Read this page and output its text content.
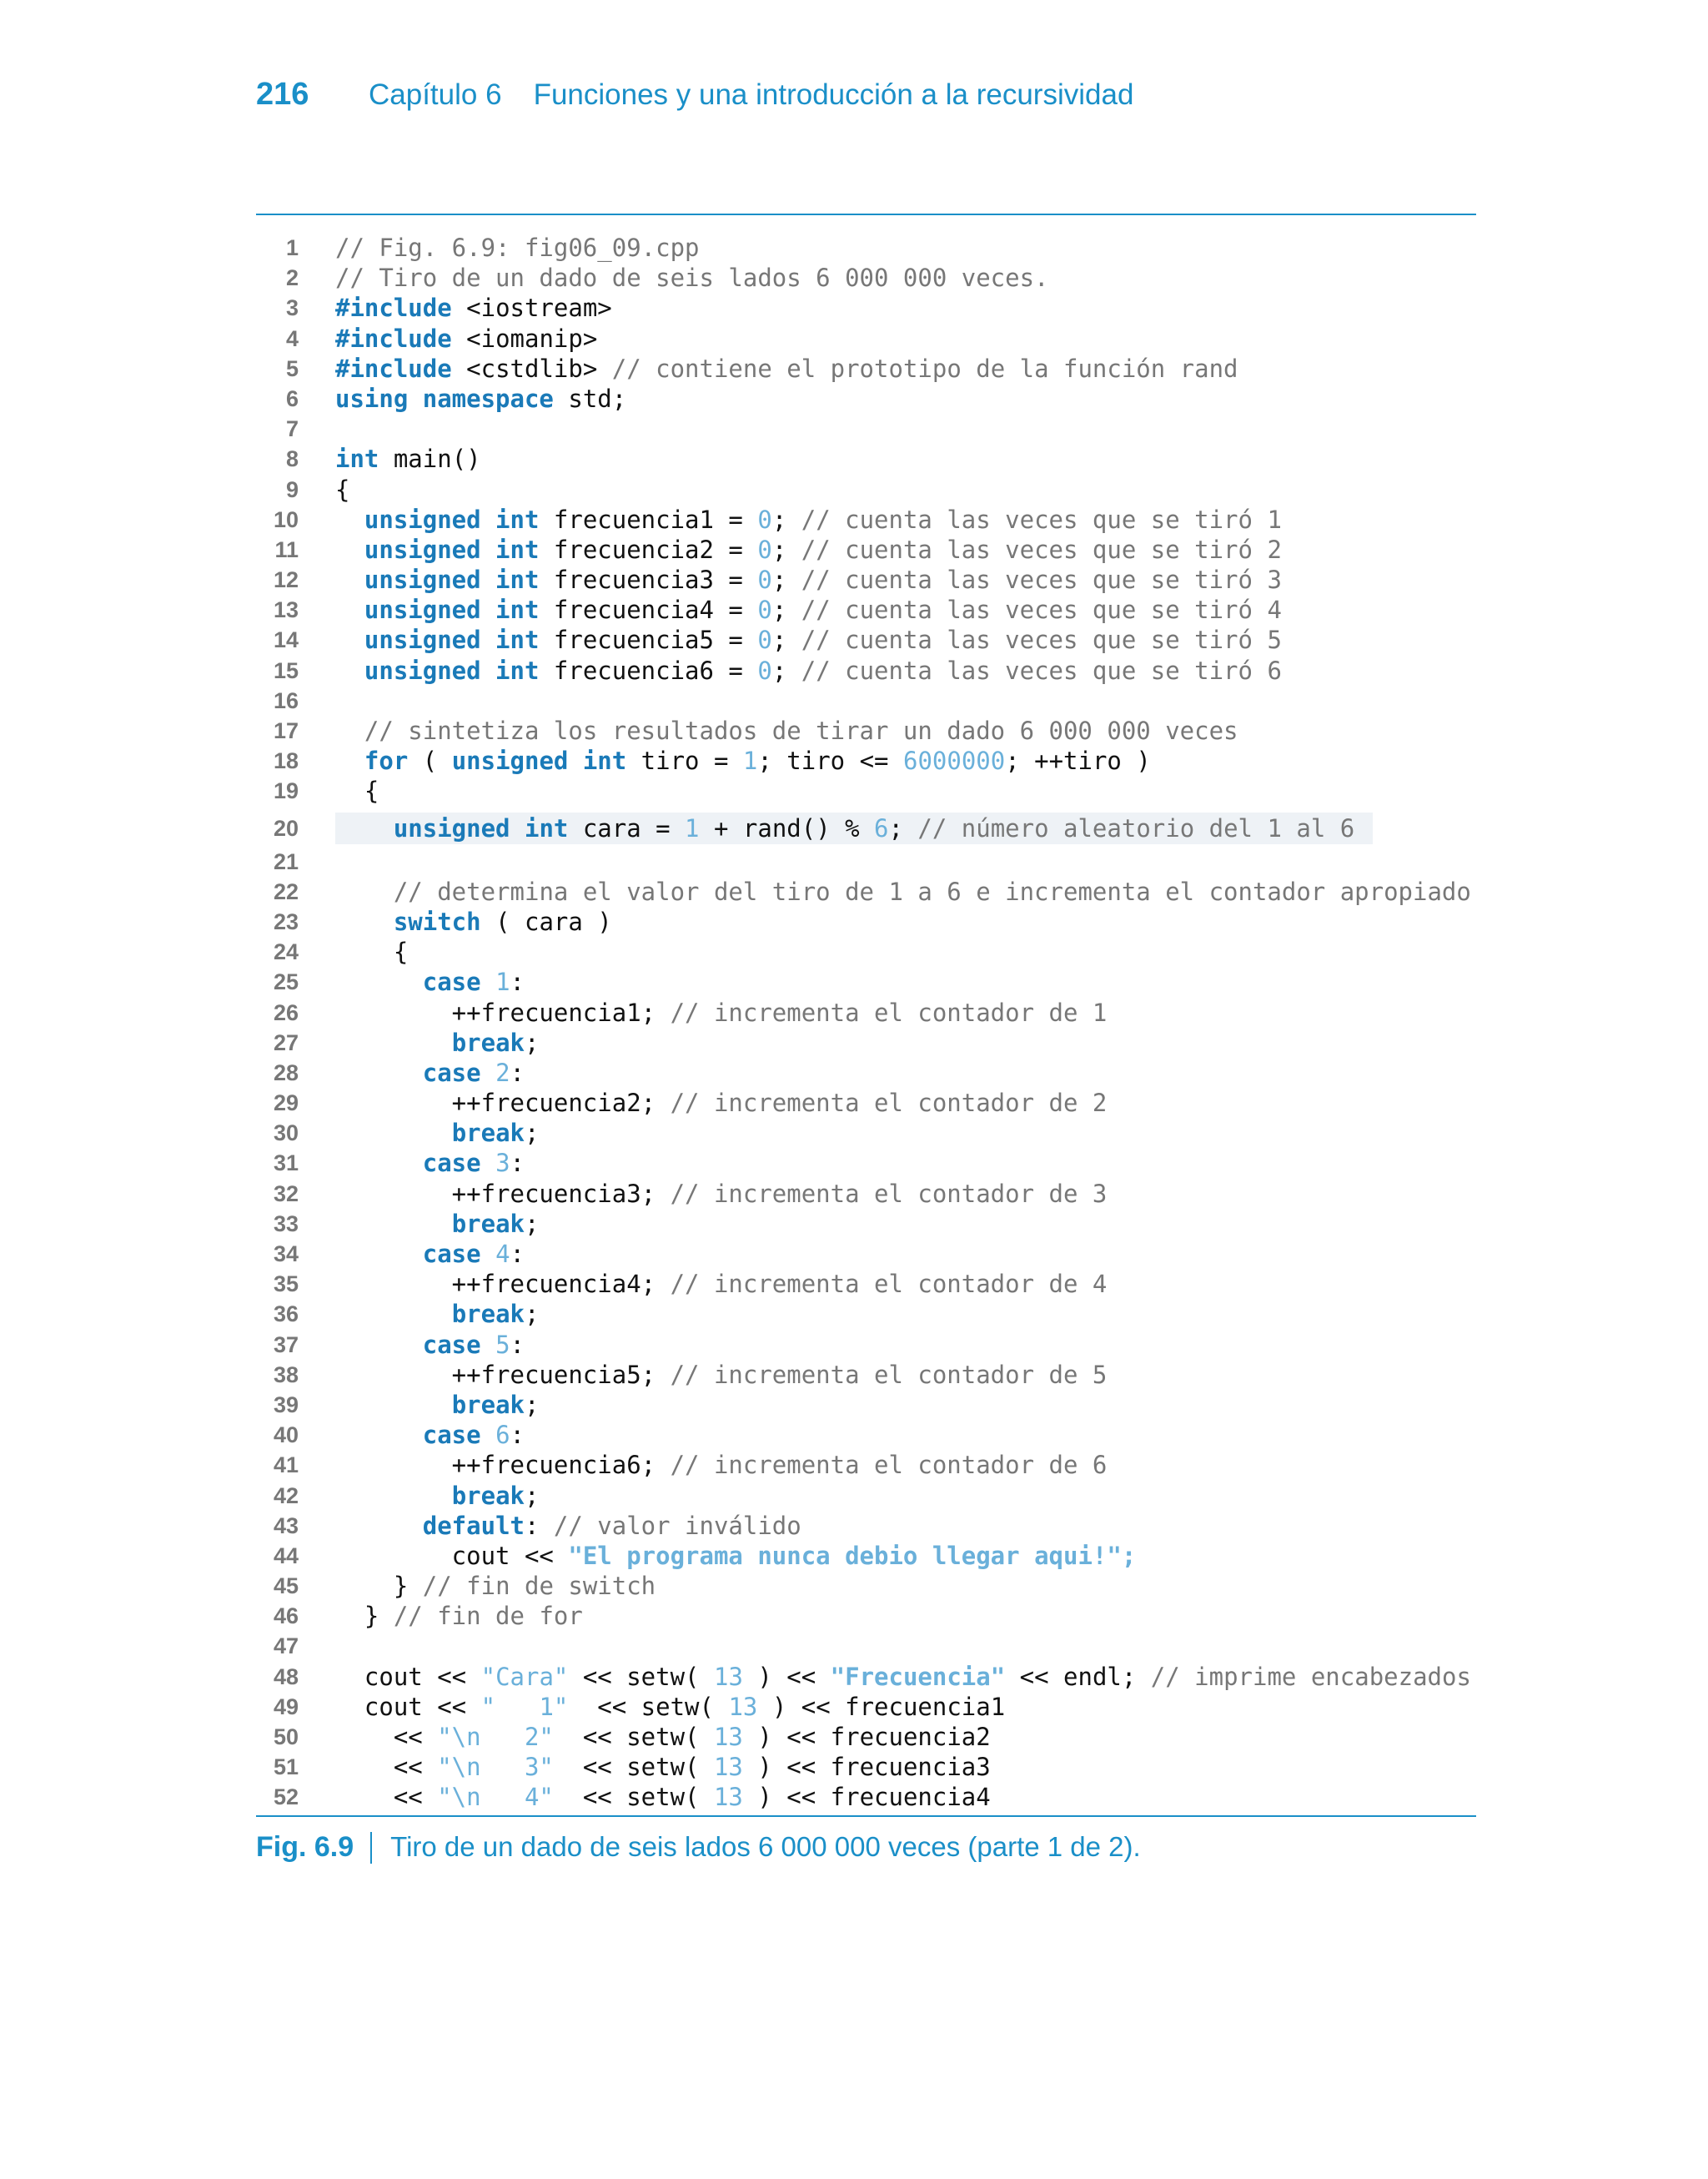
216	Capítulo 6 Funciones y una introducción a la recursividad
1 // Fig. 6.9: fig06_09.cpp
2 // Tiro de un dado de seis lados 6 000 000 veces.
3 #include <iostream>
4 #include <iomanip>
5 #include <cstdlib> // contiene el prototipo de la función rand
6 using namespace std;
7
8 int main()
9 {
10	unsigned int frecuencia1 = 0; // cuenta las veces que se tiró 1
11	unsigned int frecuencia2 = 0; // cuenta las veces que se tiró 2
12	unsigned int frecuencia3 = 0; // cuenta las veces que se tiró 3
13	unsigned int frecuencia4 = 0; // cuenta las veces que se tiró 4
14	unsigned int frecuencia5 = 0; // cuenta las veces que se tiró 5
15	unsigned int frecuencia6 = 0; // cuenta las veces que se tiró 6
16
17	// sintetiza los resultados de tirar un dado 6 000 000 veces
18	for ( unsigned int tiro = 1; tiro <= 6000000; ++tiro )
19 {
20	unsigned int cara = 1 + rand() % 6; // número aleatorio del 1 al 6
21
22	// determina el valor del tiro de 1 a 6 e incrementa el contador apropiado
23	switch ( cara )
24 {
25	case 1:
26 ++frecuencia1; // incrementa el contador de 1
27	break;
28	case 2:
29 ++frecuencia2; // incrementa el contador de 2
30	break;
31	case 3:
32 ++frecuencia3; // incrementa el contador de 3
33	break;
34	case 4:
35 ++frecuencia4; // incrementa el contador de 4
36	break;
37	case 5:
38 ++frecuencia5; // incrementa el contador de 5
39	break;
40	case 6:
41 ++frecuencia6; // incrementa el contador de 6
42	break;
43	default: // valor inválido
44 cout << "El programa nunca debio llegar aqui!";
45 } // fin de switch
46 } // fin de for
47
48 cout << "Cara" << setw( 13 ) << "Frecuencia" << endl; // imprime encabezados
49 cout << "   1"  << setw( 13 ) << frecuencia1
50 << "\n   2"  << setw( 13 ) << frecuencia2
51 << "\n   3"  << setw( 13 ) << frecuencia3
52 << "\n   4"  << setw( 13 ) << frecuencia4
Fig. 6.9 Tiro de un dado de seis lados 6 000 000 veces (parte 1 de 2).
